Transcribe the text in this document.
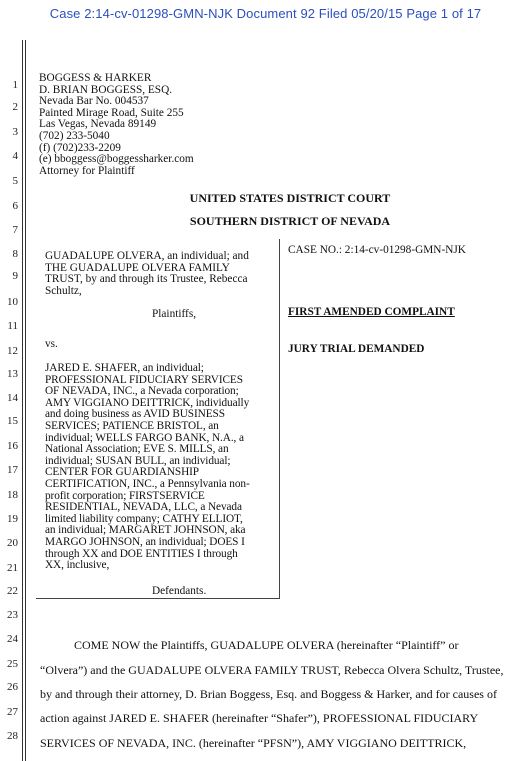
Case 2:14-cv-01298-GMN-NJK Document 92 Filed 05/20/15 Page 1 of 17
1
2
3
4
5
6
7
8
9
10
11
12
13
14
15
16
17
18
19
20
21
22
23
24
25
26
27
28
BOGGESS & HARKER
D. BRIAN BOGGESS, ESQ.
Nevada Bar No. 004537
Painted Mirage Road, Suite 255
Las Vegas, Nevada 89149
(702) 233-5040
(f) (702)233-2209
(e) bboggess@boggessharker.com
Attorney for Plaintiff
UNITED STATES DISTRICT COURT
SOUTHERN DISTRICT OF NEVADA
GUADALUPE OLVERA, an individual; and
THE GUADALUPE OLVERA FAMILY
TRUST, by and through its Trustee, Rebecca
Schultz,
Plaintiffs,
vs.
JARED E. SHAFER, an individual;
PROFESSIONAL FIDUCIARY SERVICES
OF NEVADA, INC., a Nevada corporation;
AMY VIGGIANO DEITTRICK, individually
and doing business as AVID BUSINESS
SERVICES; PATIENCE BRISTOL, an
individual; WELLS FARGO BANK, N.A., a
National Association; EVE S. MILLS, an
individual; SUSAN BULL, an individual;
CENTER FOR GUARDIANSHIP
CERTIFICATION, INC., a Pennsylvania non-
profit corporation; FIRSTSERVICE
RESIDENTIAL, NEVADA, LLC, a Nevada
limited liability company; CATHY ELLIOT,
an individual; MARGARET JOHNSON, aka
MARGO JOHNSON, an individual; DOES I
through XX and DOE ENTITIES I through
XX, inclusive,
Defendants.
CASE NO.: 2:14-cv-01298-GMN-NJK
FIRST AMENDED COMPLAINT
JURY TRIAL DEMANDED
COME NOW the Plaintiffs, GUADALUPE OLVERA (hereinafter “Plaintiff” or
“Olvera”) and the GUADALUPE OLVERA FAMILY TRUST, Rebecca Olvera Schultz, Trustee,
by and through their attorney, D. Brian Boggess, Esq. and Boggess & Harker, and for causes of
action against JARED E. SHAFER (hereinafter “Shafer”), PROFESSIONAL FIDUCIARY
SERVICES OF NEVADA, INC. (hereinafter “PFSN”), AMY VIGGIANO DEITTRICK,
